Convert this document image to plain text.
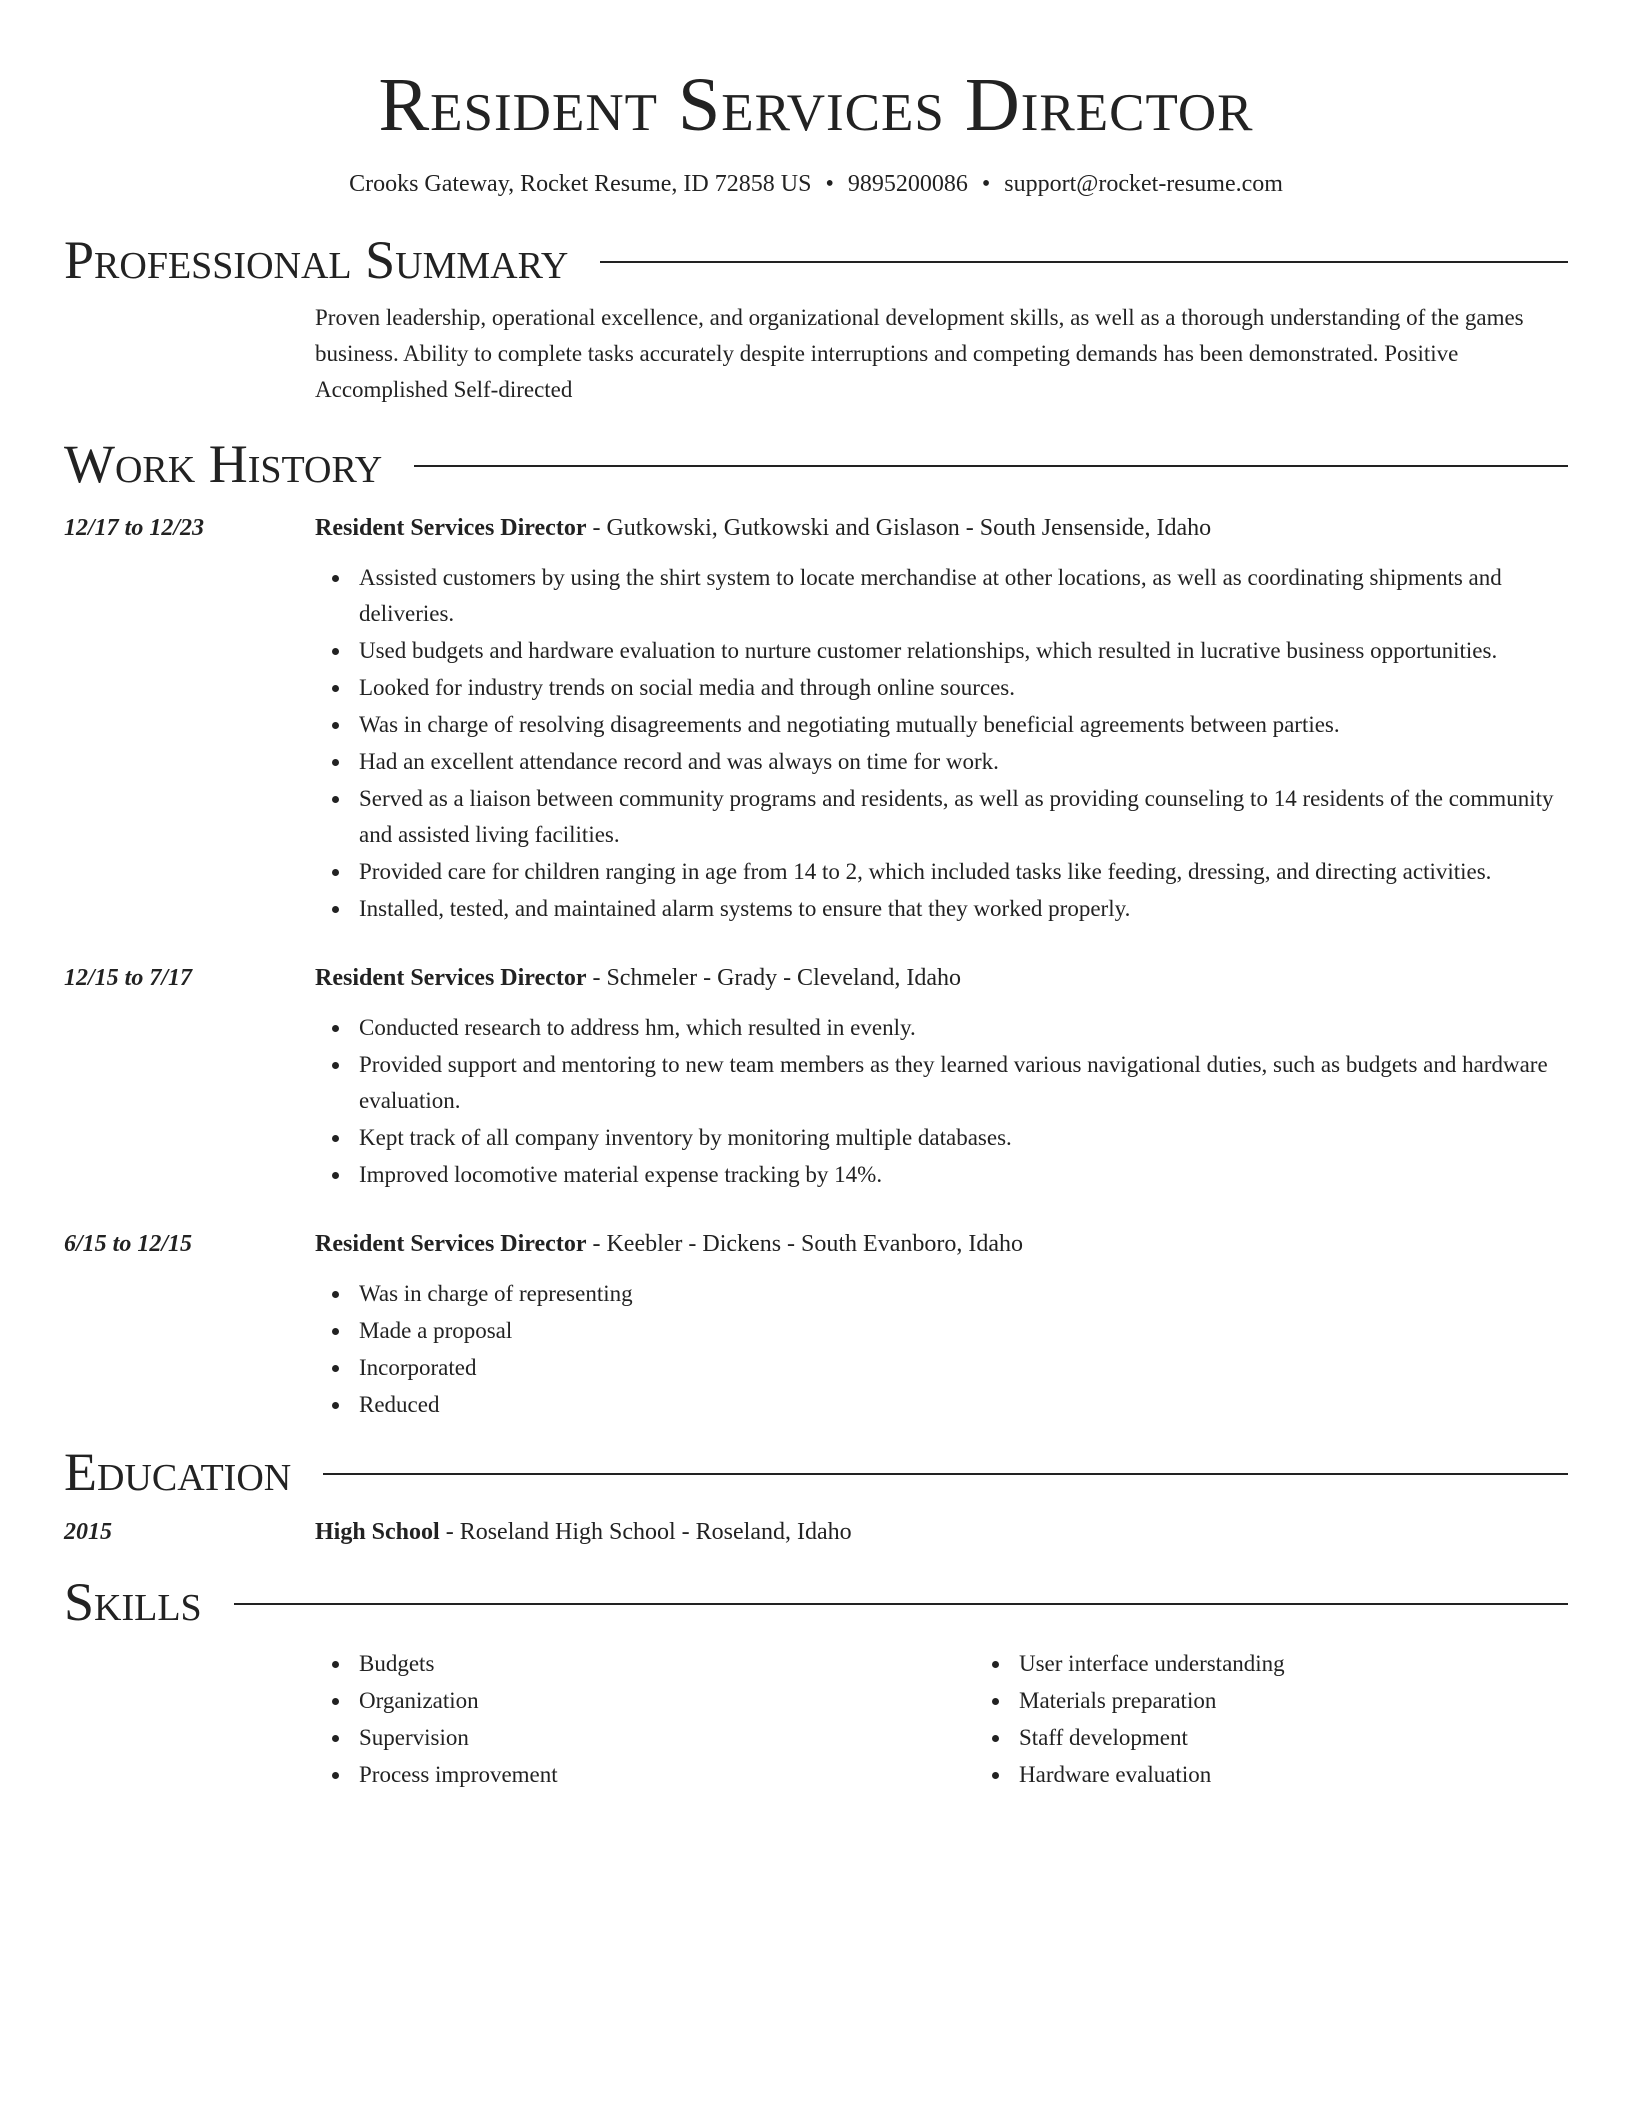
Resident Services Director
Crooks Gateway, Rocket Resume, ID 72858 US • 9895200086 • support@rocket-resume.com
Professional Summary
Proven leadership, operational excellence, and organizational development skills, as well as a thorough understanding of the games business. Ability to complete tasks accurately despite interruptions and competing demands has been demonstrated. Positive Accomplished Self-directed
Work History
12/17 to 12/23	Resident Services Director - Gutkowski, Gutkowski and Gislason - South Jensenside, Idaho
Assisted customers by using the shirt system to locate merchandise at other locations, as well as coordinating shipments and deliveries.
Used budgets and hardware evaluation to nurture customer relationships, which resulted in lucrative business opportunities.
Looked for industry trends on social media and through online sources.
Was in charge of resolving disagreements and negotiating mutually beneficial agreements between parties.
Had an excellent attendance record and was always on time for work.
Served as a liaison between community programs and residents, as well as providing counseling to 14 residents of the community and assisted living facilities.
Provided care for children ranging in age from 14 to 2, which included tasks like feeding, dressing, and directing activities.
Installed, tested, and maintained alarm systems to ensure that they worked properly.
12/15 to 7/17	Resident Services Director - Schmeler - Grady - Cleveland, Idaho
Conducted research to address hm, which resulted in evenly.
Provided support and mentoring to new team members as they learned various navigational duties, such as budgets and hardware evaluation.
Kept track of all company inventory by monitoring multiple databases.
Improved locomotive material expense tracking by 14%.
6/15 to 12/15	Resident Services Director - Keebler - Dickens - South Evanboro, Idaho
Was in charge of representing
Made a proposal
Incorporated
Reduced
Education
2015	High School - Roseland High School - Roseland, Idaho
Skills
Budgets
Organization
Supervision
Process improvement
User interface understanding
Materials preparation
Staff development
Hardware evaluation
